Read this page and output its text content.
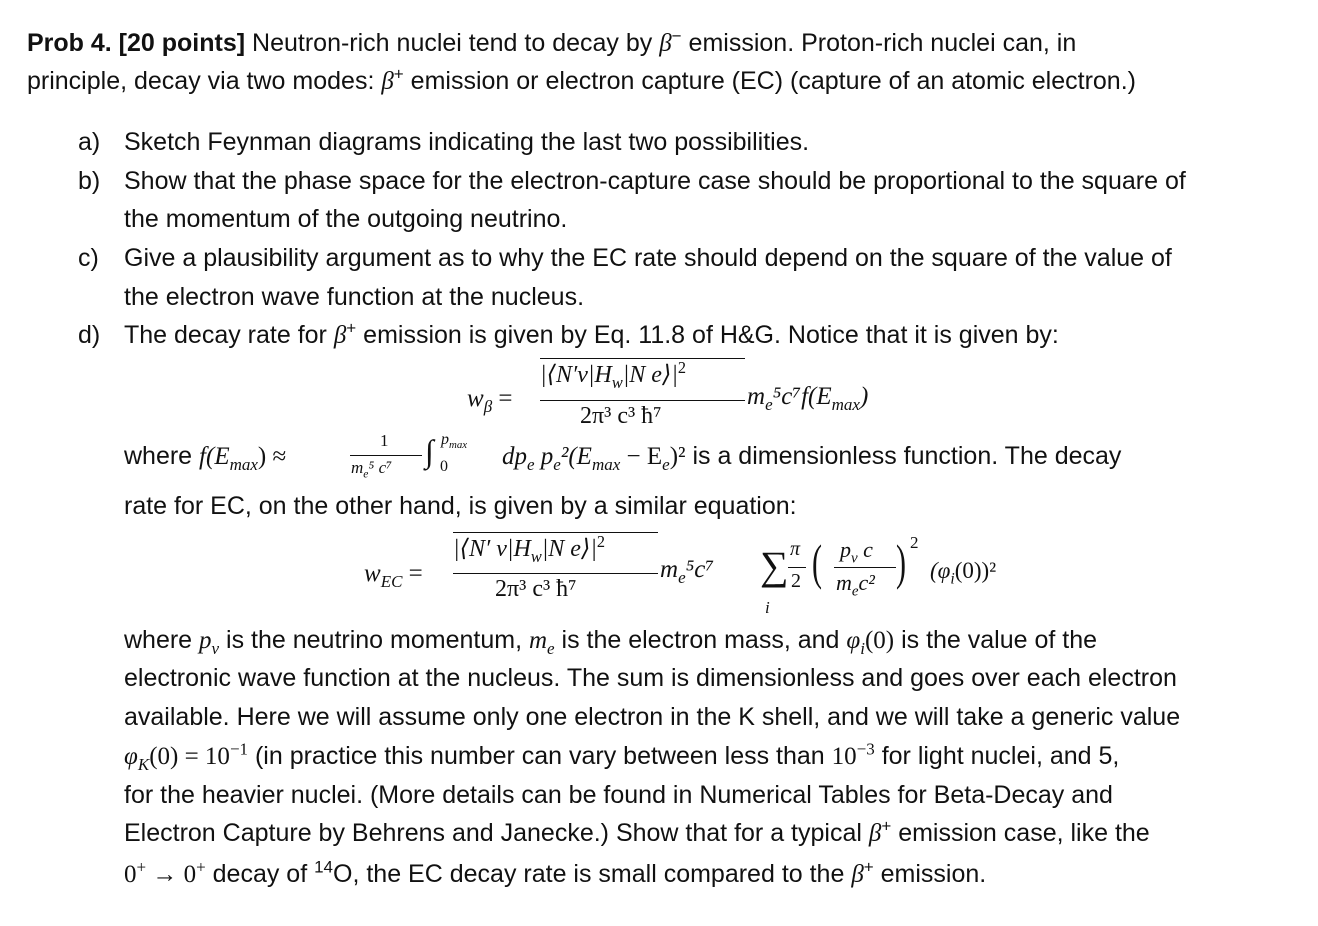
Prob 4. [20 points] Neutron-rich nuclei tend to decay by β− emission. Proton-rich nuclei can, in
principle, decay via two modes: β+ emission or electron capture (EC) (capture of an atomic electron.)
a) Sketch Feynman diagrams indicating the last two possibilities.
b) Show that the phase space for the electron-capture case should be proportional to the square of
the momentum of the outgoing neutrino.
c) Give a plausibility argument as to why the EC rate should depend on the square of the value of
the electron wave function at the nucleus.
d) The decay rate for β+ emission is given by Eq. 11.8 of H&G. Notice that it is given by:
$w_\beta$ =
$|⟨N'\nu|H_w|N$ $e⟩|^2$
2π³ c³ ħ⁷
$m_e^5c^7f(E_{max})$
where $f(E_{max})$ ≈
1
$m_e^5$ c⁷ ∫ $p_{max}$
0 $dp_e$ $p_e^2(E_{max} - E_e)^2$ is a dimensionless function. The decay
rate for EC, on the other hand, is given by a similar equation:
$w_{EC}$ =
|⟨N′ $\nu|H_w|N$ $e⟩|^2$
2π³ c³ ħ⁷
$m_e^5c^7$ ∑
i
π
2 ( $p_\nu$ c
$m_ec^2$ ) 2
$(\varphi_i(0))^2$
where $p_\nu$ is the neutrino momentum, $m_e$ is the electron mass, and $\varphi_i(0)$ is the value of the
electronic wave function at the nucleus. The sum is dimensionless and goes over each electron
available. Here we will assume only one electron in the K shell, and we will take a generic value
$\varphi_K(0) = 10^{-1}$ (in practice this number can vary between less than $10^{-3}$ for light nuclei, and 5,
for the heavier nuclei. (More details can be found in Numerical Tables for Beta-Decay and
Electron Capture by Behrens and Janecke.) Show that for a typical β+ emission case, like the
0+ → 0+ decay of $^{14}$O, the EC decay rate is small compared to the β+ emission.
